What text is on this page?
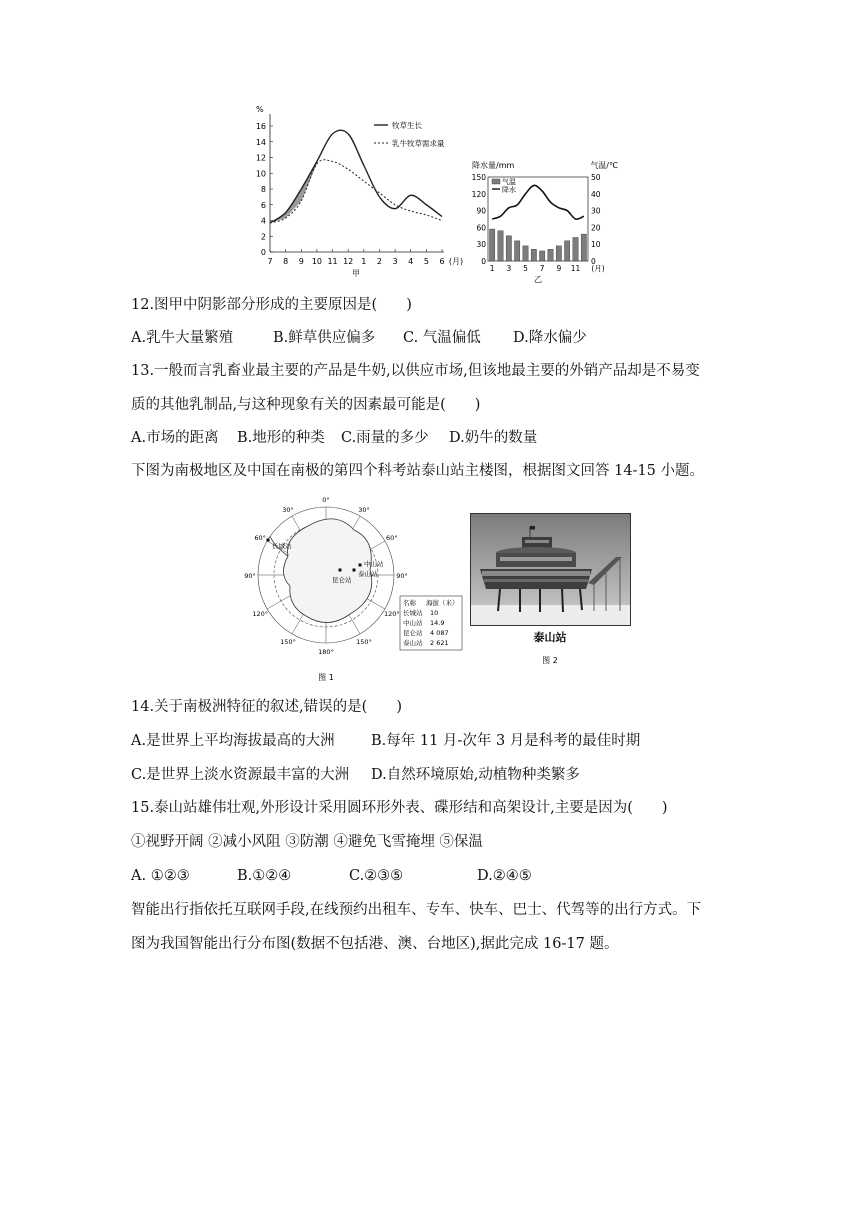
%
0
2
4
6
8
10
12
14
16
7 8 9 10 11 12 1 2 3 4 5 6 (月)
甲
牧草生长
乳牛牧草需求量
降水量/mm	气温/℃
0
30
60
90
120
150
0
10
20
30
40
50
1 3 5 7 9 11 (月)
乙
气温
降水
12.图甲中阴影部分形成的主要原因是(　　)
A.乳牛大量繁殖	B.鲜草供应偏多 C. 气温偏低 D.降水偏少
13.一般而言乳畜业最主要的产品是牛奶,以供应市场,但该地最主要的外销产品却是不易变
质的其他乳制品,与这种现象有关的因素最可能是(　　)
A.市场的距离 B.地形的种类 C.雨量的多少 D.奶牛的数量
下图为南极地区及中国在南极的第四个科考站泰山站主楼图，根据图文回答 14-15 小题。
0°
30°
60°
90°
120°
150°
180°
150°
120°
90°
60°
30°
长城站
中山站
泰山站
昆仑站
名称 海拔（米）
长城站 10
中山站 14.9
昆仑站 4 087
泰山站 2 621
图 1
泰山站
图 2
14.关于南极洲特征的叙述,错误的是(　　)
A.是世界上平均海拔最高的大洲	B.每年 11 月-次年 3 月是科考的最佳时期
C.是世界上淡水资源最丰富的大洲 D.自然环境原始,动植物种类繁多
15.泰山站雄伟壮观,外形设计采用圆环形外表、碟形结和高架设计,主要是因为(　　)
①视野开阔 ②减小风阻 ③防潮 ④避免飞雪掩埋 ⑤保温
A. ①②③	B.①②④	C.②③⑤	D.②④⑤
智能出行指依托互联网手段,在线预约出租车、专车、快车、巴士、代驾等的出行方式。下
图为我国智能出行分布图(数据不包括港、澳、台地区),据此完成 16-17 题。
